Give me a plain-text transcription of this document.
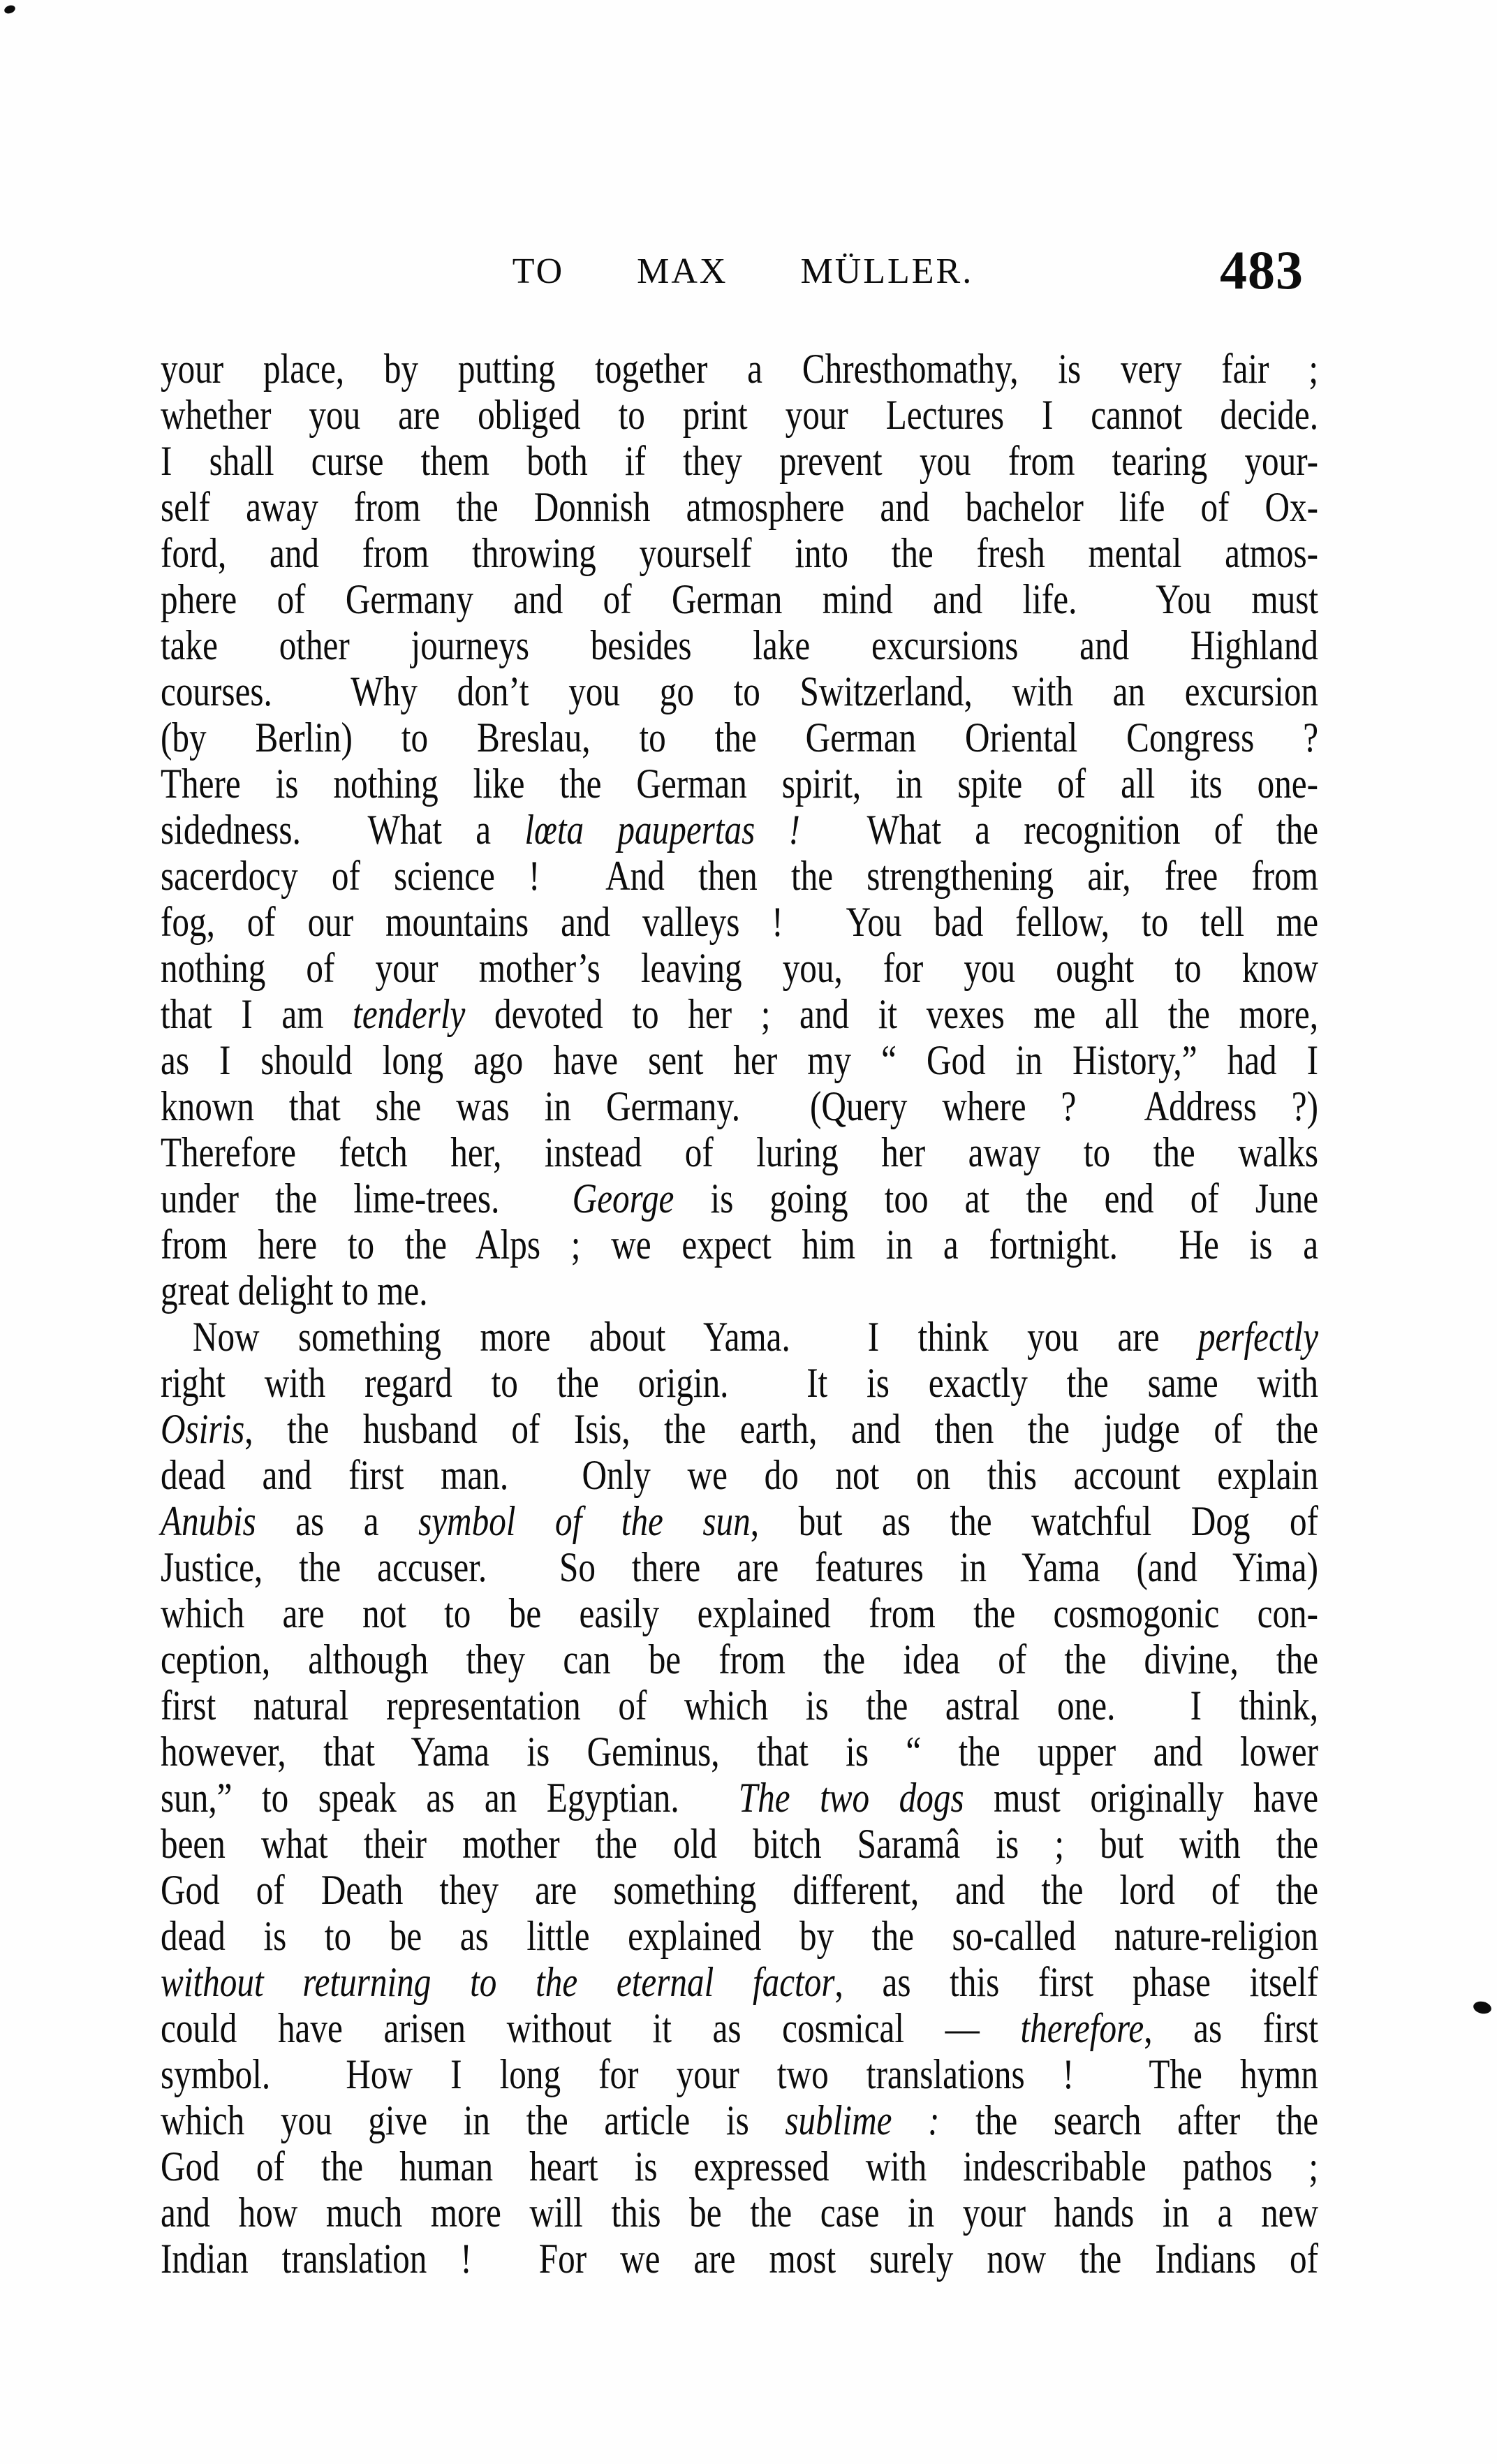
TO  MAX  MÜLLER.	483
your place, by putting together a Chresthomathy, is very fair ;
whether you are obliged to print your Lectures I cannot decide.
I shall curse them both if they prevent you from tearing your-
self away from the Donnish atmosphere and bachelor life of Ox-
ford, and from throwing yourself into the fresh mental atmos-
phere of Germany and of German mind and life.  You must
take other journeys besides lake excursions and Highland
courses.  Why don’t you go to Switzerland, with an excursion
(by Berlin) to Breslau, to the German Oriental Congress ?
There is nothing like the German spirit, in spite of all its one-
sidedness.  What a lœta paupertas !  What a recognition of the
sacerdocy of science !  And then the strengthening air, free from
fog, of our mountains and valleys !  You bad fellow, to tell me
nothing of your mother’s leaving you, for you ought to know
that I am tenderly devoted to her ; and it vexes me all the more,
as I should long ago have sent her my “ God in History,” had I
known that she was in Germany.  (Query where ?  Address ?)
Therefore fetch her, instead of luring her away to the walks
under the lime-trees.  George is going too at the end of June
from here to the Alps ; we expect him in a fortnight.  He is a
great delight to me.
Now something more about Yama.  I think you are perfectly
right with regard to the origin.  It is exactly the same with
Osiris, the husband of Isis, the earth, and then the judge of the
dead and first man.  Only we do not on this account explain
Anubis as a symbol of the sun, but as the watchful Dog of
Justice, the accuser.  So there are features in Yama (and Yima)
which are not to be easily explained from the cosmogonic con-
ception, although they can be from the idea of the divine, the
first natural representation of which is the astral one.  I think,
however, that Yama is Geminus, that is “ the upper and lower
sun,” to speak as an Egyptian.  The two dogs must originally have
been what their mother the old bitch Saramâ is ; but with the
God of Death they are something different, and the lord of the
dead is to be as little explained by the so-called nature-religion
without returning to the eternal factor, as this first phase itself
could have arisen without it as cosmical — therefore, as first
symbol.  How I long for your two translations !  The hymn
which you give in the article is sublime : the search after the
God of the human heart is expressed with indescribable pathos ;
and how much more will this be the case in your hands in a new
Indian translation !  For we are most surely now the Indians of
